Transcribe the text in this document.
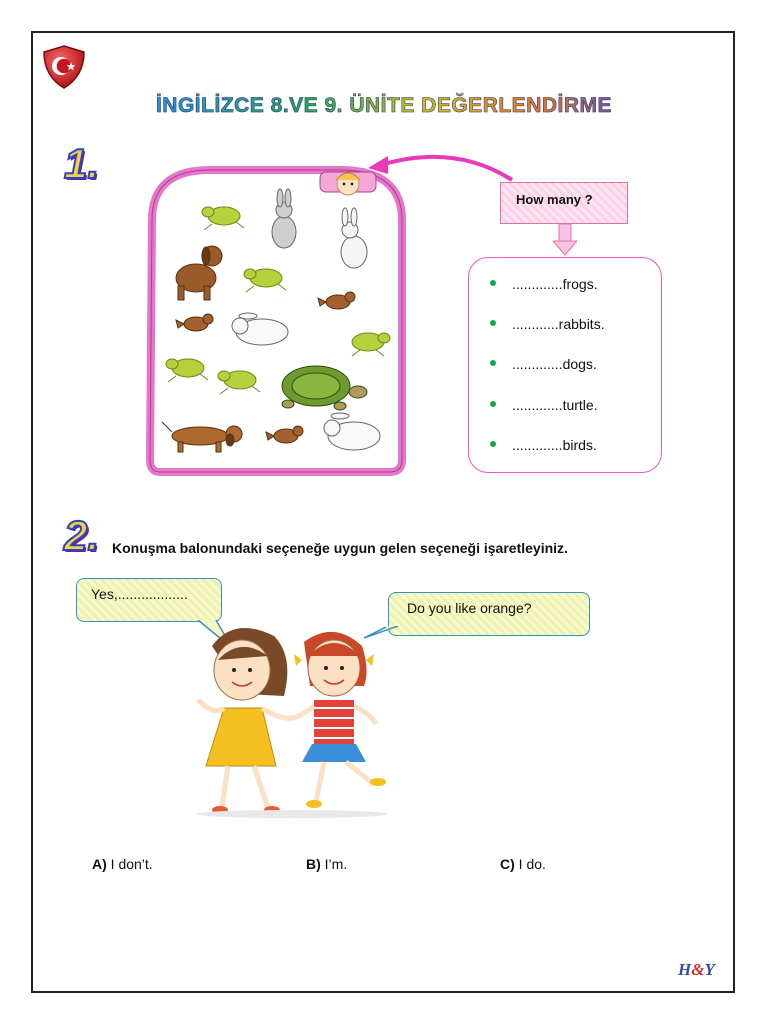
İNGİLİZCE 8.VE 9. ÜNİTE DEĞERLENDİRME
1.
How many ?
.............frogs.
............rabbits.
.............dogs.
.............turtle.
.............birds.
2. Konuşma balonundaki seçeneğe uygun gelen seçeneği işaretleyiniz.
Yes,..................
Do you like orange?
A) I don’t.	B) I’m.	C) I do.
H&Y
